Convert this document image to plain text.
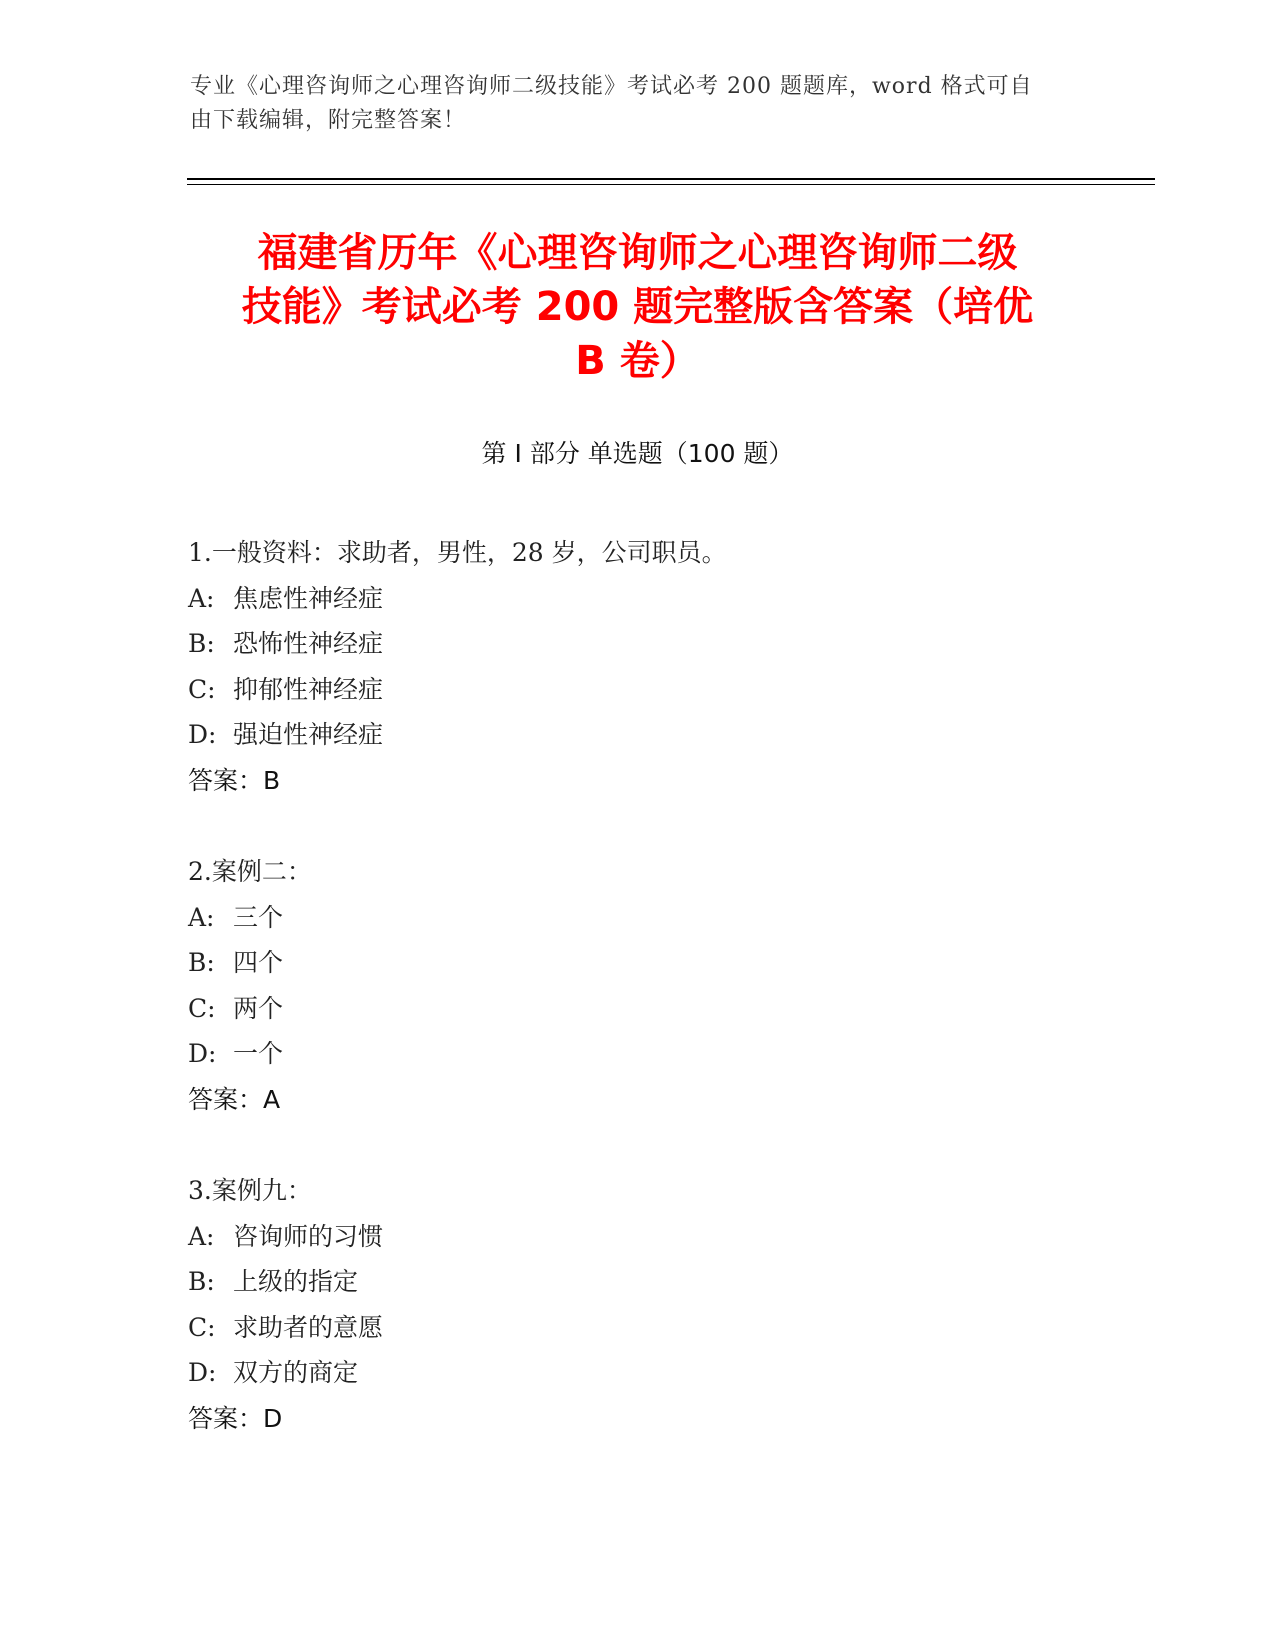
专业《心理咨询师之心理咨询师二级技能》考试必考 200 题题库，word 格式可自
由下载编辑，附完整答案！
福建省历年《心理咨询师之心理咨询师二级
技能》考试必考 200 题完整版含答案（培优
B 卷）
第 I 部分 单选题（100 题）
1.一般资料：求助者，男性，28 岁，公司职员。
A: 焦虑性神经症
B: 恐怖性神经症
C: 抑郁性神经症
D: 强迫性神经症
答案：B
2.案例二：
A: 三个
B: 四个
C: 两个
D: 一个
答案：A
3.案例九：
A: 咨询师的习惯
B: 上级的指定
C: 求助者的意愿
D: 双方的商定
答案：D
